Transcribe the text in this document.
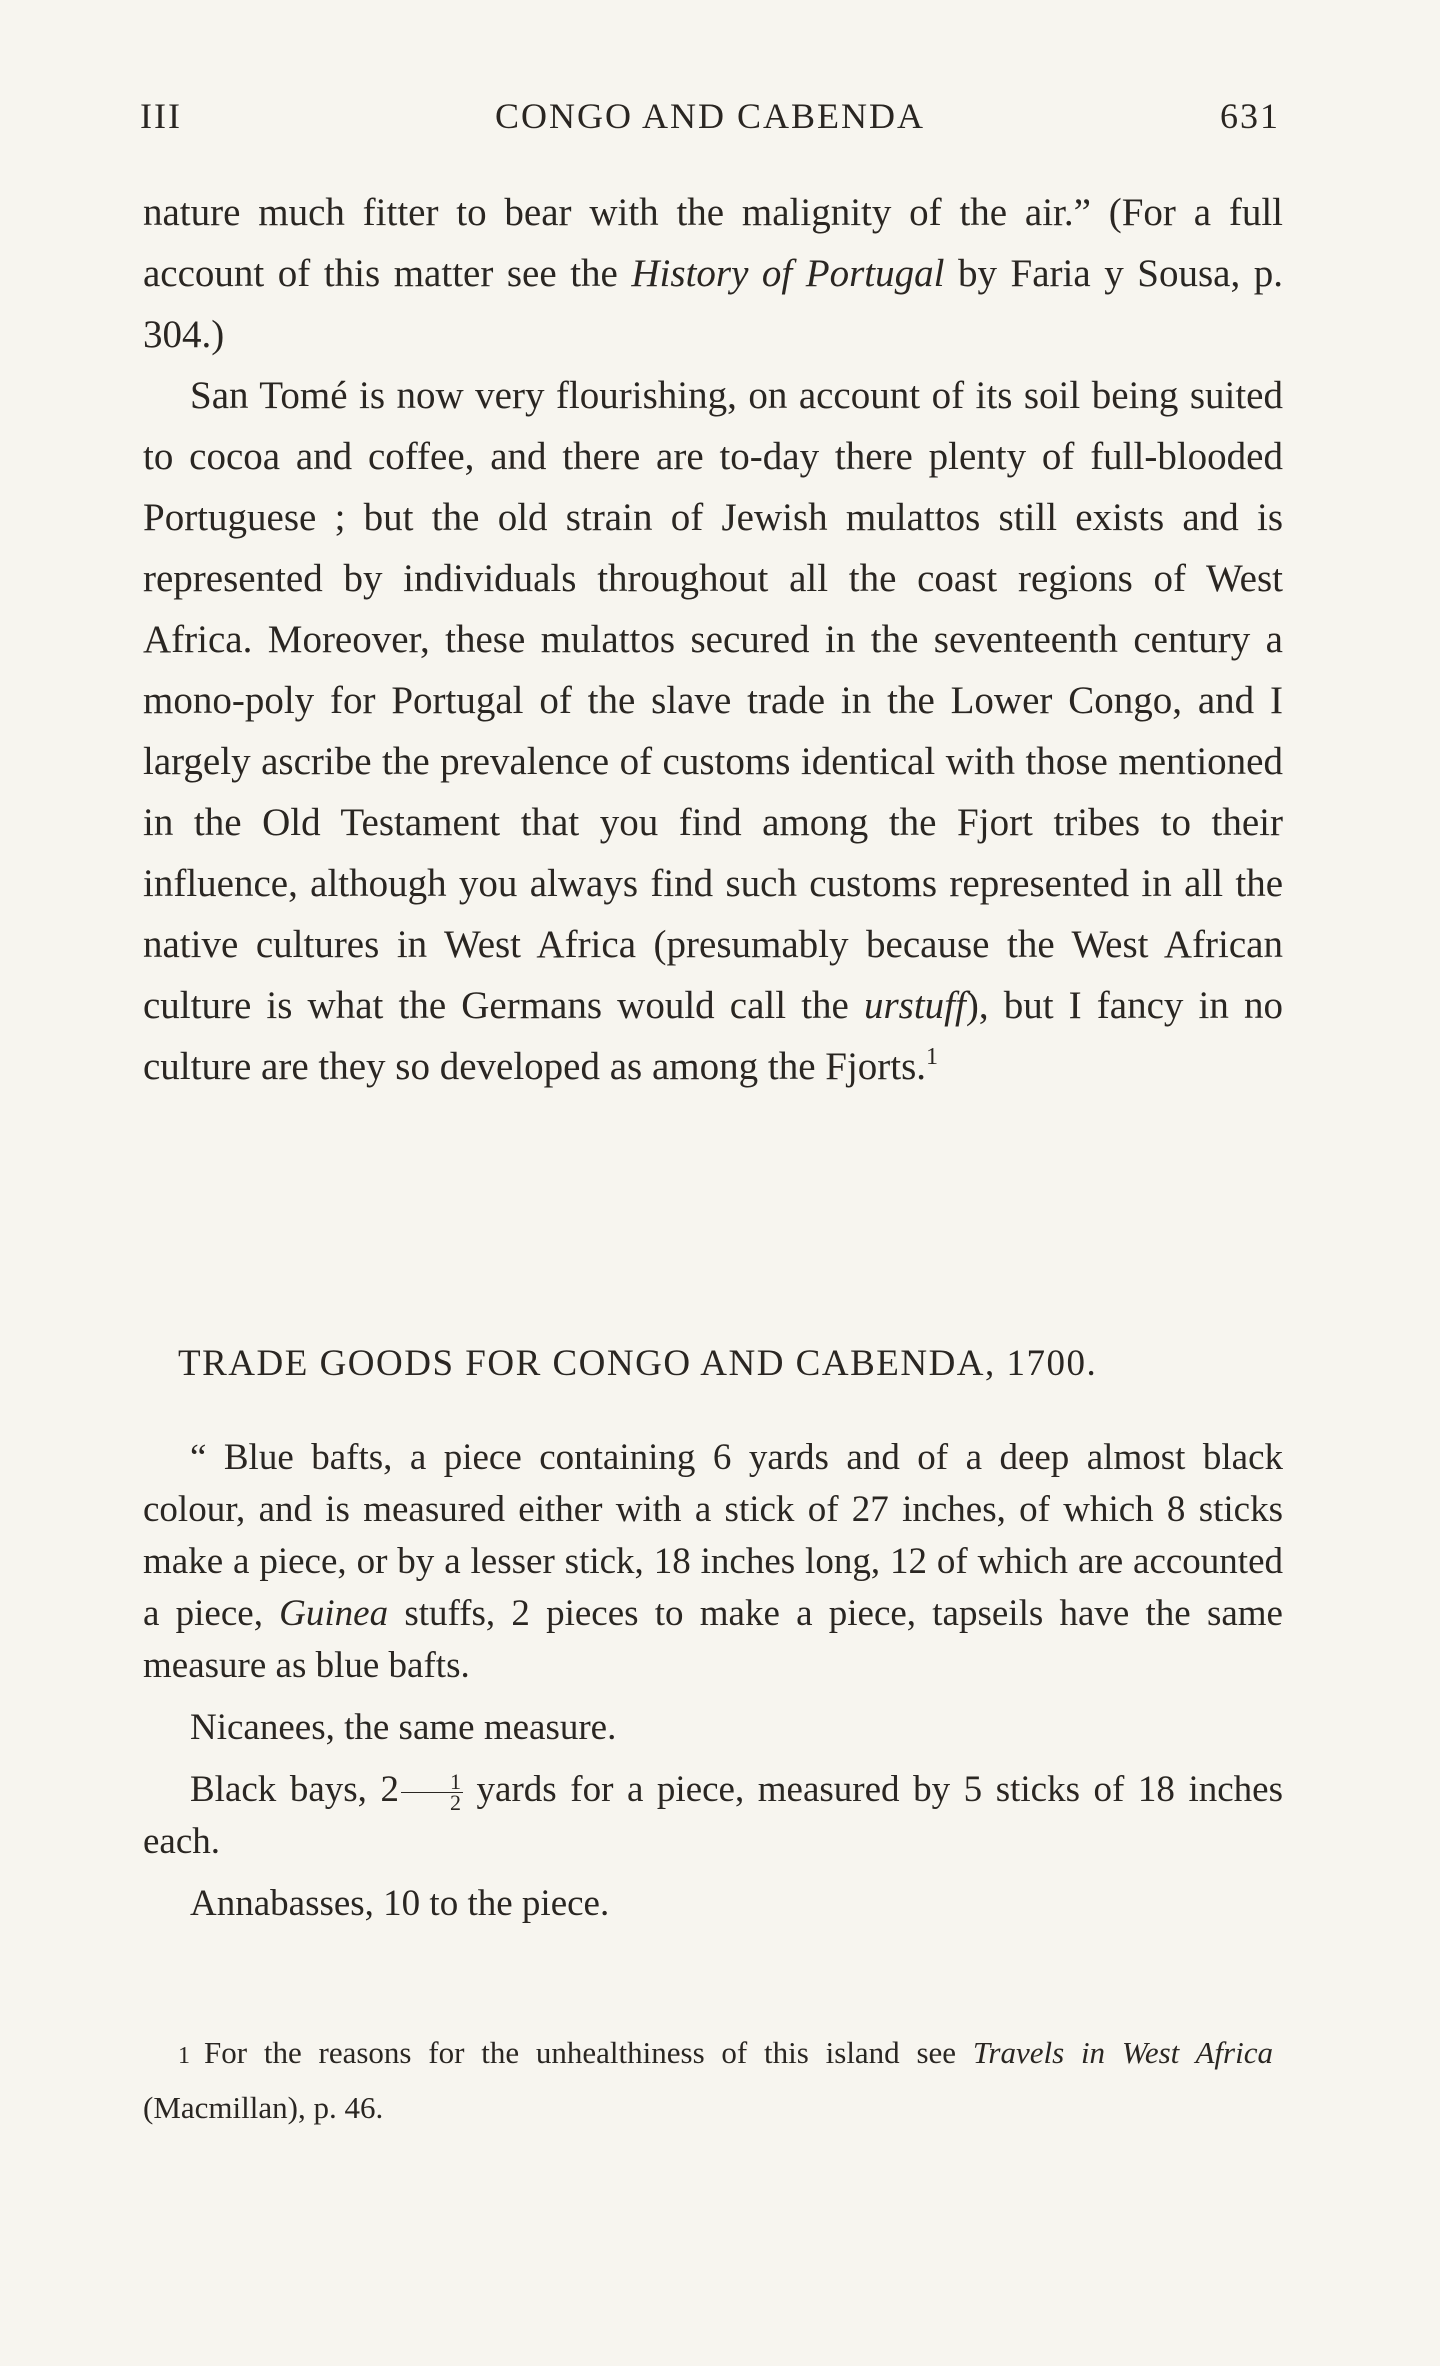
III	CONGO AND CABENDA	631

nature much fitter to bear with the malignity of the air.” (For a full account of this matter see the History of Portugal by Faria y Sousa, p. 304.)

San Tomé is now very flourishing, on account of its soil being suited to cocoa and coffee, and there are to-day there plenty of full-blooded Portuguese ; but the old strain of Jewish mulattos still exists and is represented by individuals throughout all the coast regions of West Africa. Moreover, these mulattos secured in the seventeenth century a mono-poly for Portugal of the slave trade in the Lower Congo, and I largely ascribe the prevalence of customs identical with those mentioned in the Old Testament that you find among the Fjort tribes to their influence, although you always find such customs represented in all the native cultures in West Africa (presumably because the West African culture is what the Germans would call the urstuff), but I fancy in no culture are they so developed as among the Fjorts.$^1$

TRADE GOODS FOR CONGO AND CABENDA, 1700.

“ Blue bafts, a piece containing 6 yards and of a deep almost black colour, and is measured either with a stick of 27 inches, of which 8 sticks make a piece, or by a lesser stick, 18 inches long, 12 of which are accounted a piece, Guinea stuffs, 2 pieces to make a piece, tapseils have the same measure as blue bafts.

Nicanees, the same measure.

Black bays, $2 \frac{1}{2}$ yards for a piece, measured by 5 sticks of 18 inches each.

Annabasses, 10 to the piece.

1 For the reasons for the unhealthiness of this island see Travels in West Africa (Macmillan), p. 46.
